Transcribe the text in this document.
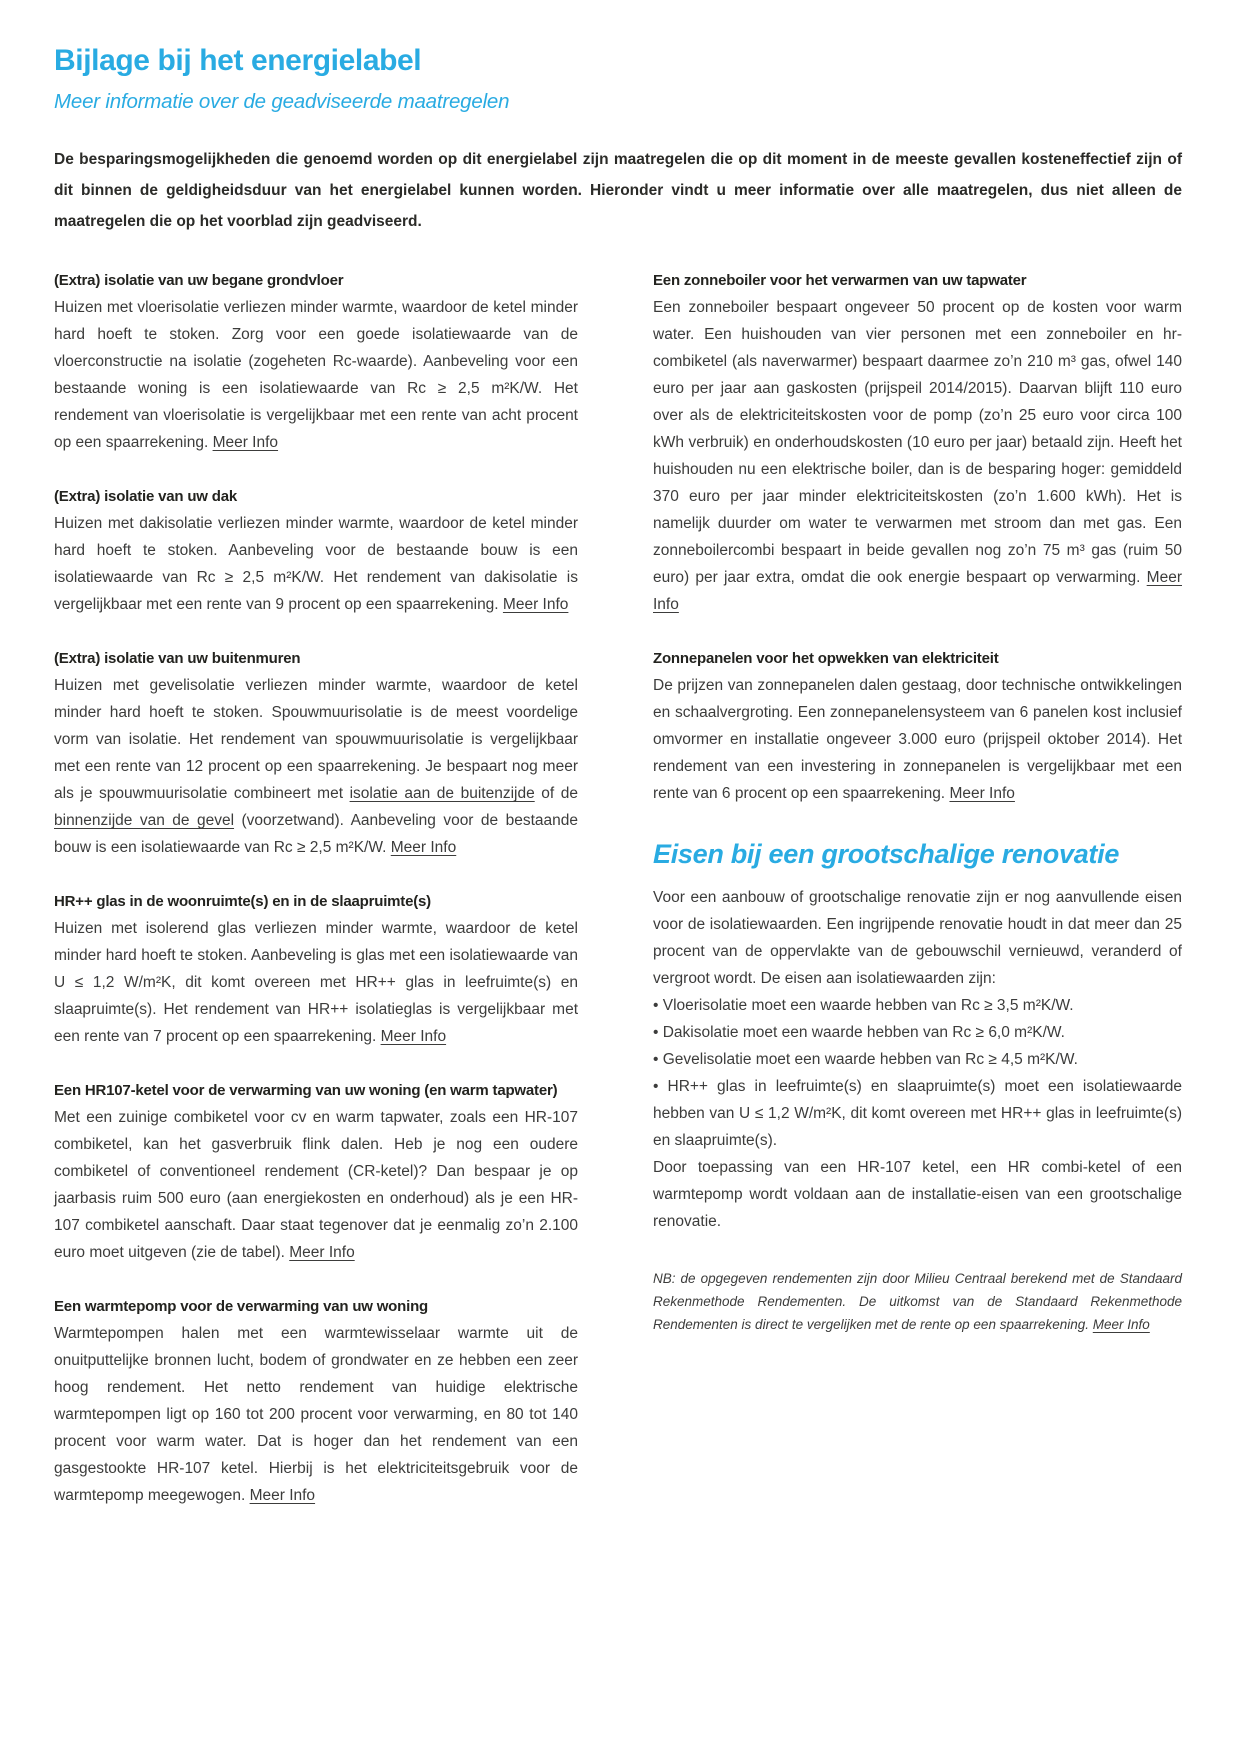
Bijlage bij het energielabel
Meer informatie over de geadviseerde maatregelen

De besparingsmogelijkheden die genoemd worden op dit energielabel zijn maatregelen die op dit moment in de meeste gevallen kosteneffectief zijn of dit binnen de geldigheidsduur van het energielabel kunnen worden. Hieronder vindt u meer informatie over alle maatregelen, dus niet alleen de maatregelen die op het voorblad zijn geadviseerd.

(Extra) isolatie van uw begane grondvloer

Huizen met vloerisolatie verliezen minder warmte, waardoor de ketel minder hard hoeft te stoken. Zorg voor een goede isolatiewaarde van de vloerconstructie na isolatie (zogeheten Rc-waarde). Aanbeveling voor een bestaande woning is een isolatiewaarde van Rc ≥ 2,5 m²K/W. Het rendement van vloerisolatie is vergelijkbaar met een rente van acht procent op een spaarrekening. Meer Info

(Extra) isolatie van uw dak

Huizen met dakisolatie verliezen minder warmte, waardoor de ketel minder hard hoeft te stoken. Aanbeveling voor de bestaande bouw is een isolatiewaarde van Rc ≥ 2,5 m²K/W. Het rendement van dakisolatie is vergelijkbaar met een rente van 9 procent op een spaarrekening. Meer Info

(Extra) isolatie van uw buitenmuren

Huizen met gevelisolatie verliezen minder warmte, waardoor de ketel minder hard hoeft te stoken. Spouwmuurisolatie is de meest voordelige vorm van isolatie. Het rendement van spouwmuurisolatie is vergelijkbaar met een rente van 12 procent op een spaarrekening. Je bespaart nog meer als je spouwmuurisolatie combineert met isolatie aan de buitenzijde of de binnenzijde van de gevel (voorzetwand). Aanbeveling voor de bestaande bouw is een isolatiewaarde van Rc ≥ 2,5 m²K/W. Meer Info

HR++ glas in de woonruimte(s) en in de slaapruimte(s)

Huizen met isolerend glas verliezen minder warmte, waardoor de ketel minder hard hoeft te stoken. Aanbeveling is glas met een isolatiewaarde van U ≤ 1,2 W/m²K, dit komt overeen met HR++ glas in leefruimte(s) en slaapruimte(s). Het rendement van HR++ isolatieglas is vergelijkbaar met een rente van 7 procent op een spaarrekening. Meer Info

Een HR107-ketel voor de verwarming van uw woning (en warm tapwater)

Met een zuinige combiketel voor cv en warm tapwater, zoals een HR-107 combiketel, kan het gasverbruik flink dalen. Heb je nog een oudere combiketel of conventioneel rendement (CR-ketel)? Dan bespaar je op jaarbasis ruim 500 euro (aan energiekosten en onderhoud) als je een HR-107 combiketel aanschaft. Daar staat tegenover dat je eenmalig zo’n 2.100 euro moet uitgeven (zie de tabel). Meer Info

Een warmtepomp voor de verwarming van uw woning

Warmtepompen halen met een warmtewisselaar warmte uit de onuitputtelijke bronnen lucht, bodem of grondwater en ze hebben een zeer hoog rendement. Het netto rendement van huidige elektrische warmtepompen ligt op 160 tot 200 procent voor verwarming, en 80 tot 140 procent voor warm water. Dat is hoger dan het rendement van een gasgestookte HR-107 ketel. Hierbij is het elektriciteitsgebruik voor de warmtepomp meegewogen. Meer Info

Een zonneboiler voor het verwarmen van uw tapwater

Een zonneboiler bespaart ongeveer 50 procent op de kosten voor warm water. Een huishouden van vier personen met een zonneboiler en hr-combiketel (als naverwarmer) bespaart daarmee zo’n 210 m³ gas, ofwel 140 euro per jaar aan gaskosten (prijspeil 2014/2015). Daarvan blijft 110 euro over als de elektriciteitskosten voor de pomp (zo’n 25 euro voor circa 100 kWh verbruik) en onderhoudskosten (10 euro per jaar) betaald zijn. Heeft het huishouden nu een elektrische boiler, dan is de besparing hoger: gemiddeld 370 euro per jaar minder elektriciteitskosten (zo’n 1.600 kWh). Het is namelijk duurder om water te verwarmen met stroom dan met gas. Een zonneboilercombi bespaart in beide gevallen nog zo’n 75 m³ gas (ruim 50 euro) per jaar extra, omdat die ook energie bespaart op verwarming. Meer Info

Zonnepanelen voor het opwekken van elektriciteit

De prijzen van zonnepanelen dalen gestaag, door technische ontwikkelingen en schaalvergroting. Een zonnepanelensysteem van 6 panelen kost inclusief omvormer en installatie ongeveer 3.000 euro (prijspeil oktober 2014). Het rendement van een investering in zonnepanelen is vergelijkbaar met een rente van 6 procent op een spaarrekening. Meer Info

Eisen bij een grootschalige renovatie

Voor een aanbouw of grootschalige renovatie zijn er nog aanvullende eisen voor de isolatiewaarden. Een ingrijpende renovatie houdt in dat meer dan 25 procent van de oppervlakte van de gebouwschil vernieuwd, veranderd of vergroot wordt. De eisen aan isolatiewaarden zijn:

• Vloerisolatie moet een waarde hebben van Rc ≥ 3,5 m²K/W.

• Dakisolatie moet een waarde hebben van Rc ≥ 6,0 m²K/W.

• Gevelisolatie moet een waarde hebben van Rc ≥ 4,5 m²K/W.

• HR++ glas in leefruimte(s) en slaapruimte(s) moet een isolatiewaarde hebben van U ≤ 1,2 W/m²K, dit komt overeen met HR++ glas in leefruimte(s) en slaapruimte(s).

Door toepassing van een HR-107 ketel, een HR combi-ketel of een warmtepomp wordt voldaan aan de installatie-eisen van een grootschalige renovatie.

NB: de opgegeven rendementen zijn door Milieu Centraal berekend met de Standaard Rekenmethode Rendementen. De uitkomst van de Standaard Rekenmethode Rendementen is direct te vergelijken met de rente op een spaarrekening. Meer Info
